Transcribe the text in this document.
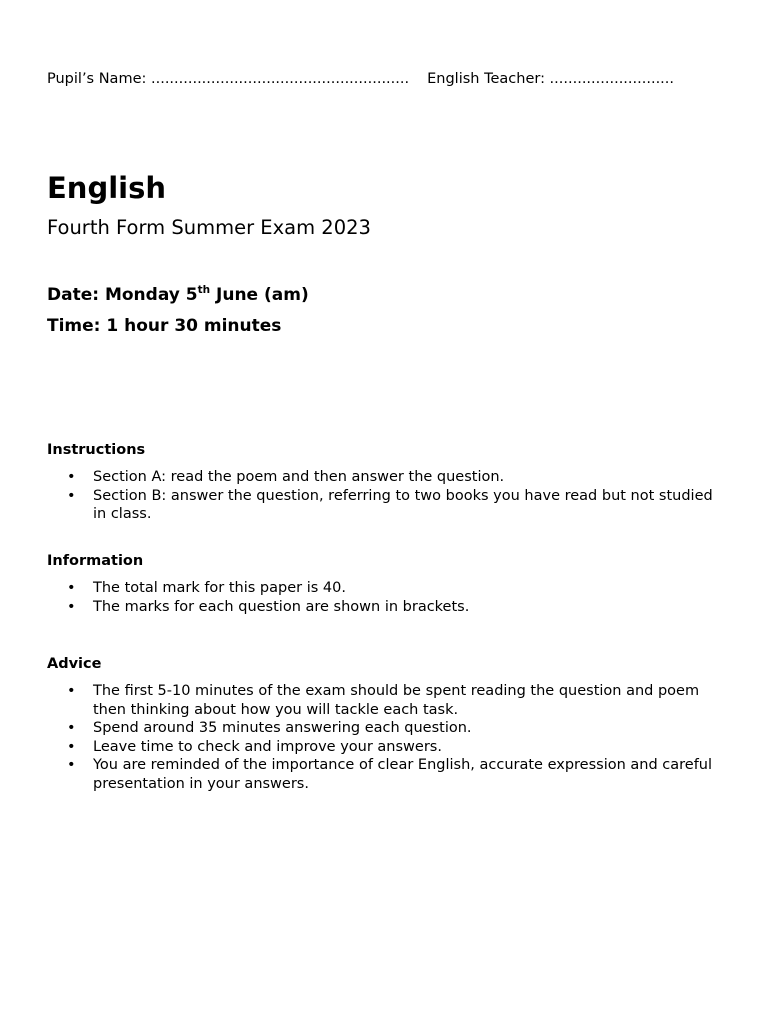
Pupil’s Name: ........................................................ English Teacher: ...........................
English
Fourth Form Summer Exam 2023
Date: Monday 5th June (am)
Time: 1 hour 30 minutes
Instructions
• Section A: read the poem and then answer the question.
• Section B: answer the question, referring to two books you have read but not studied in class.
Information
• The total mark for this paper is 40.
• The marks for each question are shown in brackets.
Advice
• The first 5-10 minutes of the exam should be spent reading the question and poem then thinking about how you will tackle each task.
• Spend around 35 minutes answering each question.
• Leave time to check and improve your answers.
• You are reminded of the importance of clear English, accurate expression and careful presentation in your answers.
